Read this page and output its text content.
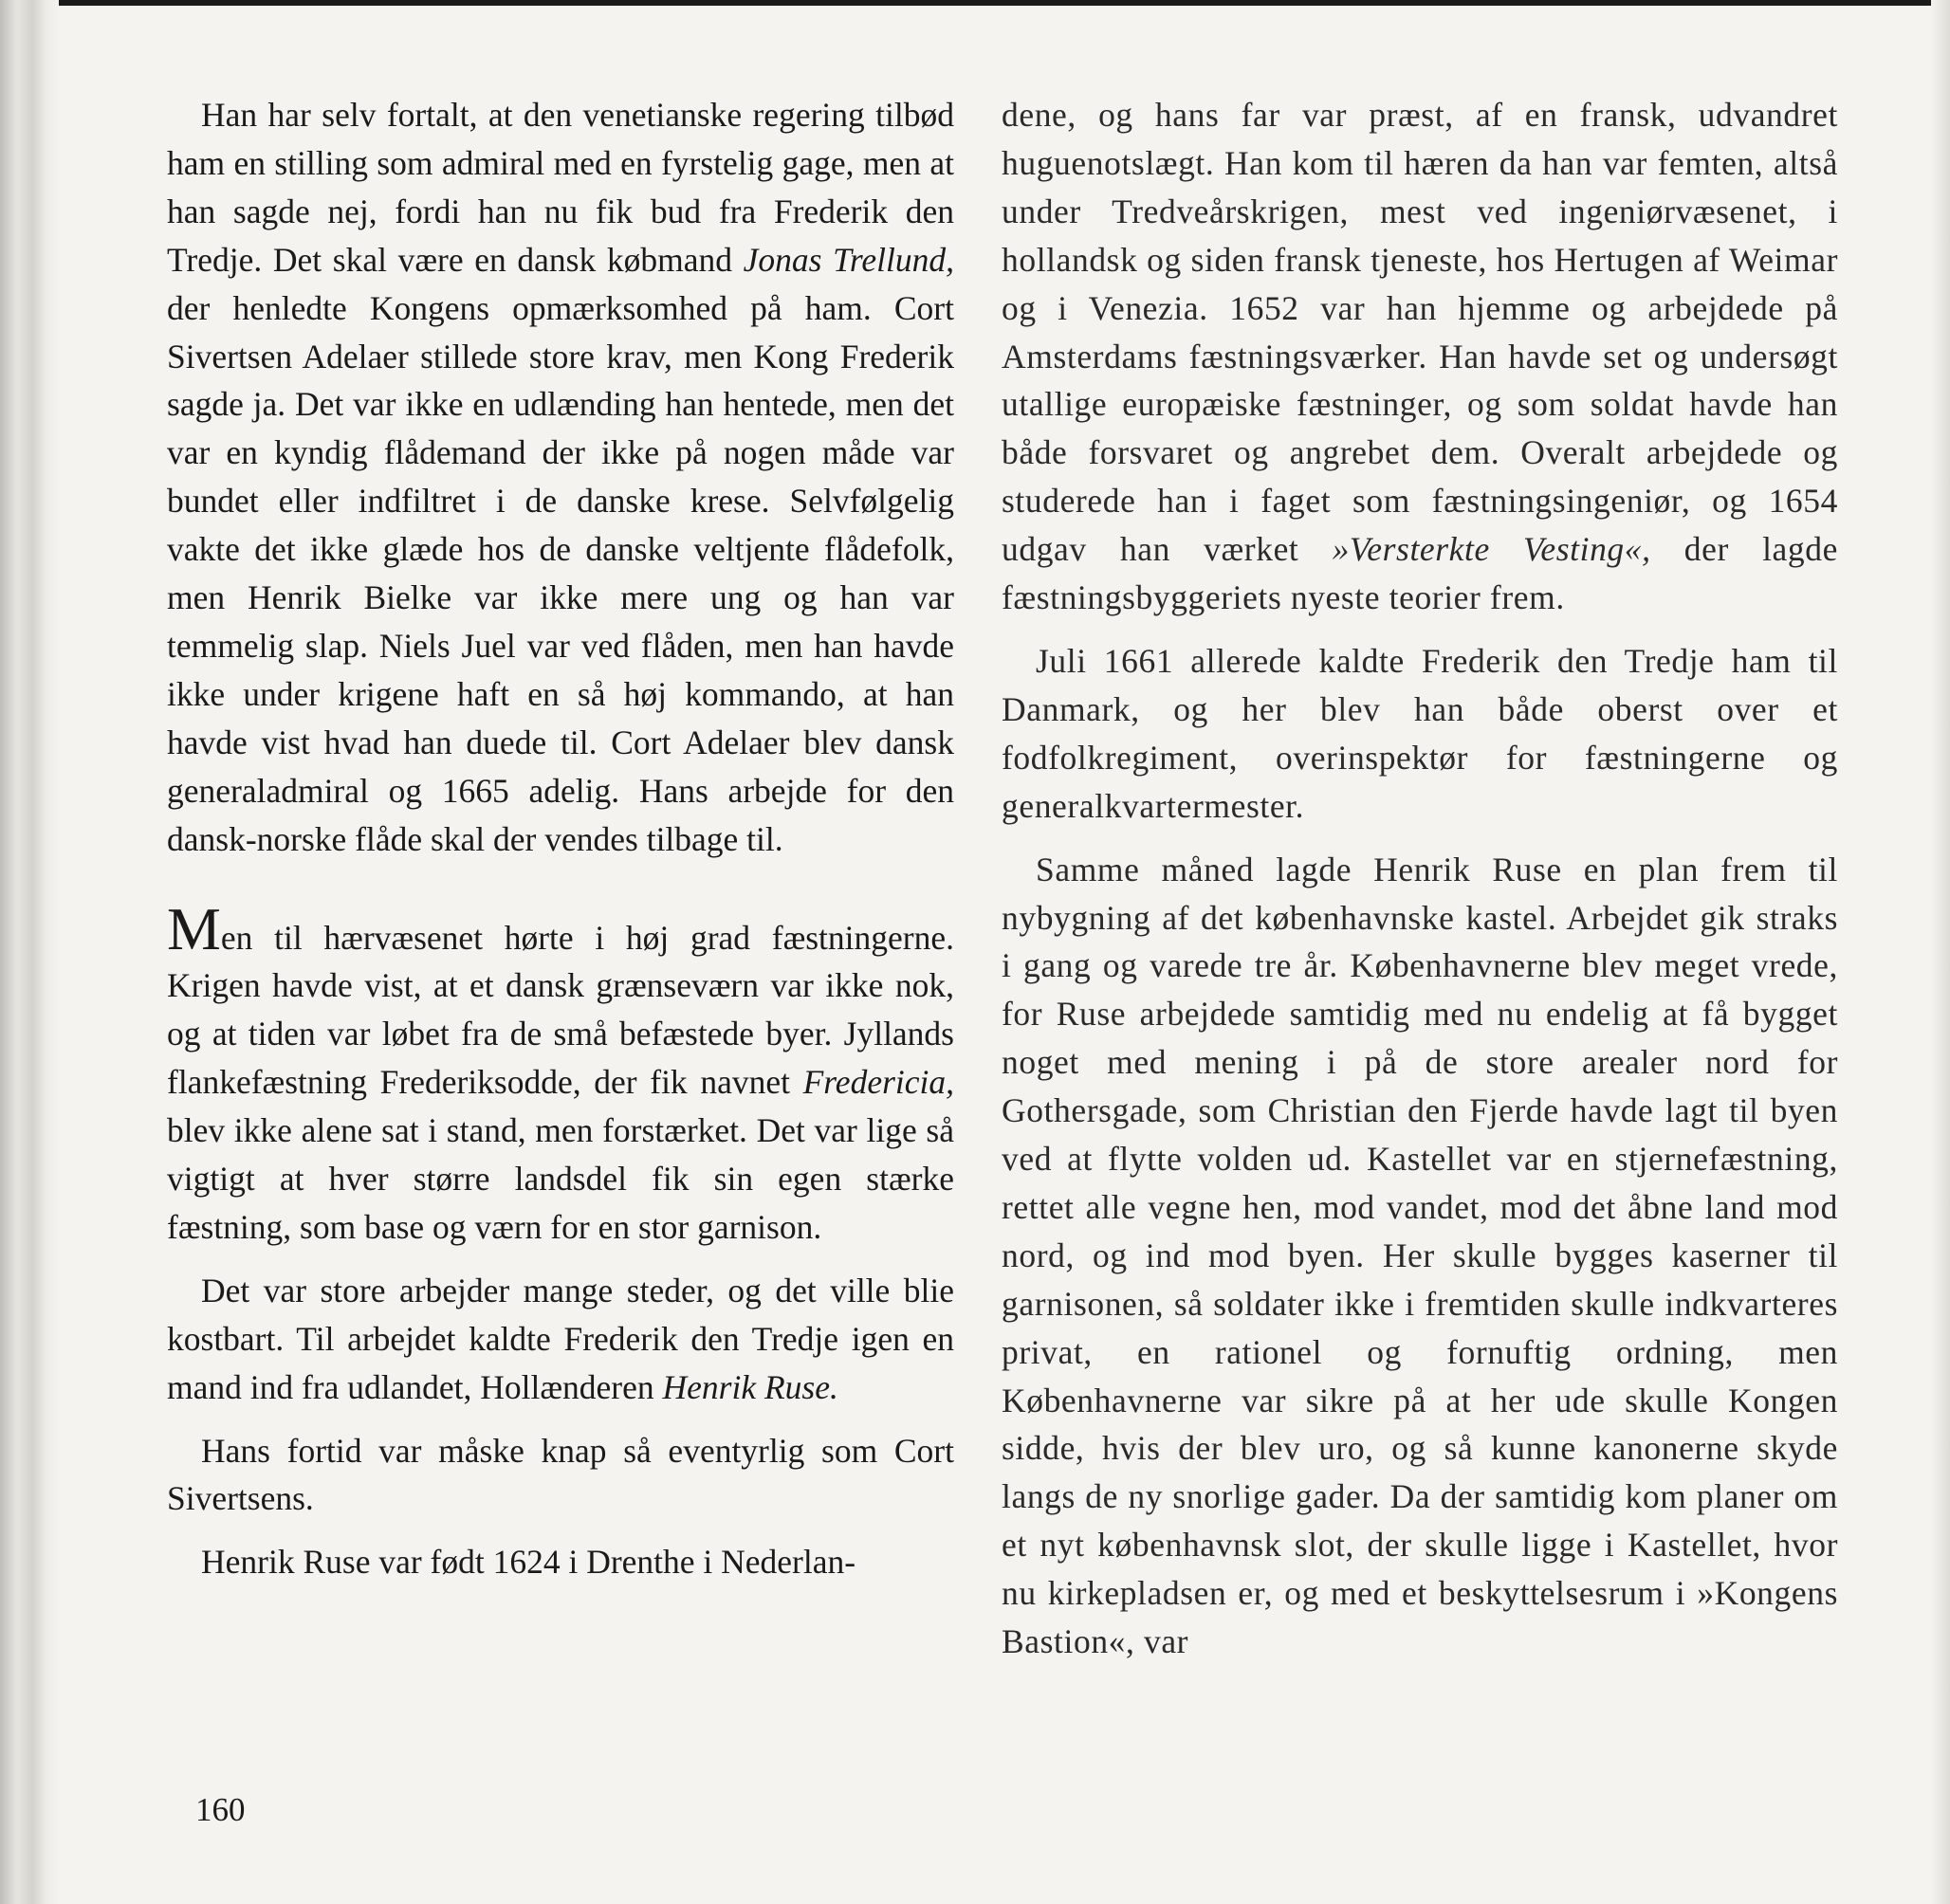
Han har selv fortalt, at den venetianske regering tilbød ham en stilling som admiral med en fyrstelig gage, men at han sagde nej, fordi han nu fik bud fra Frederik den Tredje. Det skal være en dansk købmand Jonas Trellund, der henledte Kongens opmærksomhed på ham. Cort Sivertsen Adelaer stillede store krav, men Kong Frederik sagde ja. Det var ikke en udlænding han hentede, men det var en kyndig flådemand der ikke på nogen måde var bundet eller indfiltret i de danske krese. Selvfølgelig vakte det ikke glæde hos de danske veltjente flådefolk, men Henrik Bielke var ikke mere ung og han var temmelig slap. Niels Juel var ved flåden, men han havde ikke under krigene haft en så høj kommando, at han havde vist hvad han duede til. Cort Adelaer blev dansk generaladmiral og 1665 adelig. Hans arbejde for den dansk-norske flåde skal der vendes tilbage til.

Men til hærvæsenet hørte i høj grad fæstningerne. Krigen havde vist, at et dansk grænseværn var ikke nok, og at tiden var løbet fra de små befæstede byer. Jyllands flankefæstning Frederiksodde, der fik navnet Fredericia, blev ikke alene sat i stand, men forstærket. Det var lige så vigtigt at hver større landsdel fik sin egen stærke fæstning, som base og værn for en stor garnison.

Det var store arbejder mange steder, og det ville blie kostbart. Til arbejdet kaldte Frederik den Tredje igen en mand ind fra udlandet, Hollænderen Henrik Ruse.

Hans fortid var måske knap så eventyrlig som Cort Sivertsens.

Henrik Ruse var født 1624 i Drenthe i Nederlan-

dene, og hans far var præst, af en fransk, udvandret huguenotslægt. Han kom til hæren da han var femten, altså under Tredveårskrigen, mest ved ingeniørvæsenet, i hollandsk og siden fransk tjeneste, hos Hertugen af Weimar og i Venezia. 1652 var han hjemme og arbejdede på Amsterdams fæstningsværker. Han havde set og undersøgt utallige europæiske fæstninger, og som soldat havde han både forsvaret og angrebet dem. Overalt arbejdede og studerede han i faget som fæstningsingeniør, og 1654 udgav han værket »Versterkte Vesting«, der lagde fæstningsbyggeriets nyeste teorier frem.

Juli 1661 allerede kaldte Frederik den Tredje ham til Danmark, og her blev han både oberst over et fodfolkregiment, overinspektør for fæstningerne og generalkvartermester.

Samme måned lagde Henrik Ruse en plan frem til nybygning af det københavnske kastel. Arbejdet gik straks i gang og varede tre år. Københavnerne blev meget vrede, for Ruse arbejdede samtidig med nu endelig at få bygget noget med mening i på de store arealer nord for Gothersgade, som Christian den Fjerde havde lagt til byen ved at flytte volden ud. Kastellet var en stjernefæstning, rettet alle vegne hen, mod vandet, mod det åbne land mod nord, og ind mod byen. Her skulle bygges kaserner til garnisonen, så soldater ikke i fremtiden skulle indkvarteres privat, en rationel og fornuftig ordning, men Københavnerne var sikre på at her ude skulle Kongen sidde, hvis der blev uro, og så kunne kanonerne skyde langs de ny snorlige gader. Da der samtidig kom planer om et nyt københavnsk slot, der skulle ligge i Kastellet, hvor nu kirkepladsen er, og med et beskyttelsesrum i »Kongens Bastion«, var

160
